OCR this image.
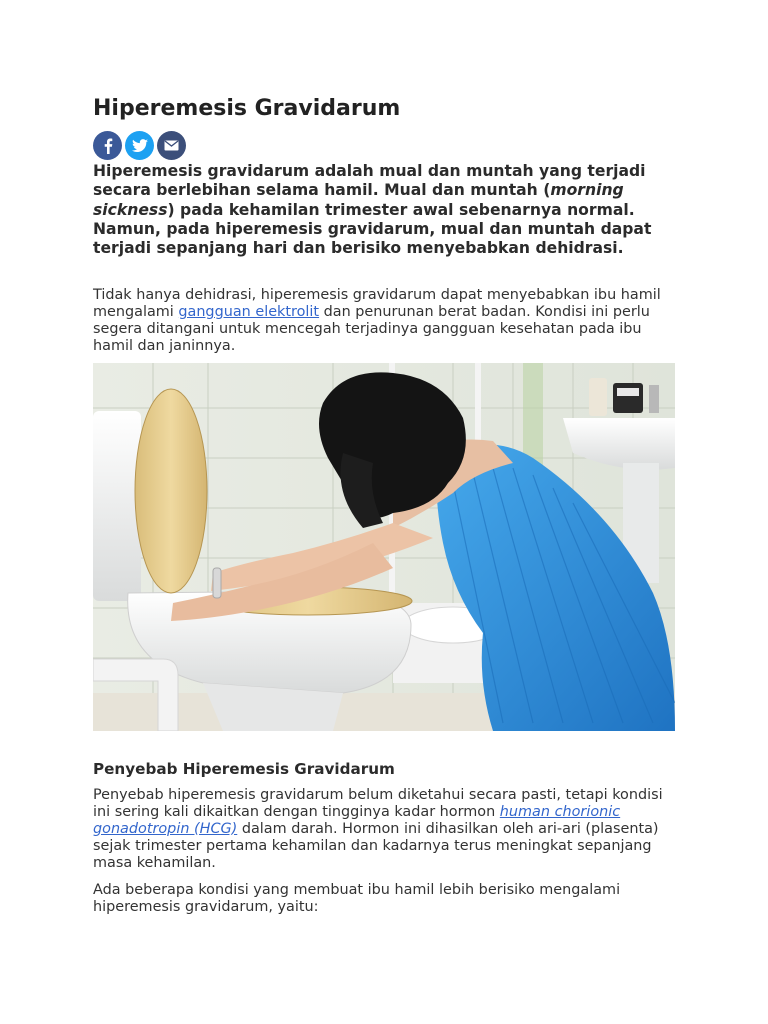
Hiperemesis Gravidarum

Hiperemesis gravidarum adalah mual dan muntah yang terjadi secara berlebihan selama hamil. Mual dan muntah (morning sickness) pada kehamilan trimester awal sebenarnya normal. Namun, pada hiperemesis gravidarum, mual dan muntah dapat terjadi sepanjang hari dan berisiko menyebabkan dehidrasi.

Tidak hanya dehidrasi, hiperemesis gravidarum dapat menyebabkan ibu hamil mengalami gangguan elektrolit dan penurunan berat badan. Kondisi ini perlu segera ditangani untuk mencegah terjadinya gangguan kesehatan pada ibu hamil dan janinnya.

Penyebab Hiperemesis Gravidarum

Penyebab hiperemesis gravidarum belum diketahui secara pasti, tetapi kondisi ini sering kali dikaitkan dengan tingginya kadar hormon human chorionic gonadotropin (HCG) dalam darah. Hormon ini dihasilkan oleh ari-ari (plasenta) sejak trimester pertama kehamilan dan kadarnya terus meningkat sepanjang masa kehamilan.

Ada beberapa kondisi yang membuat ibu hamil lebih berisiko mengalami hiperemesis gravidarum, yaitu:
